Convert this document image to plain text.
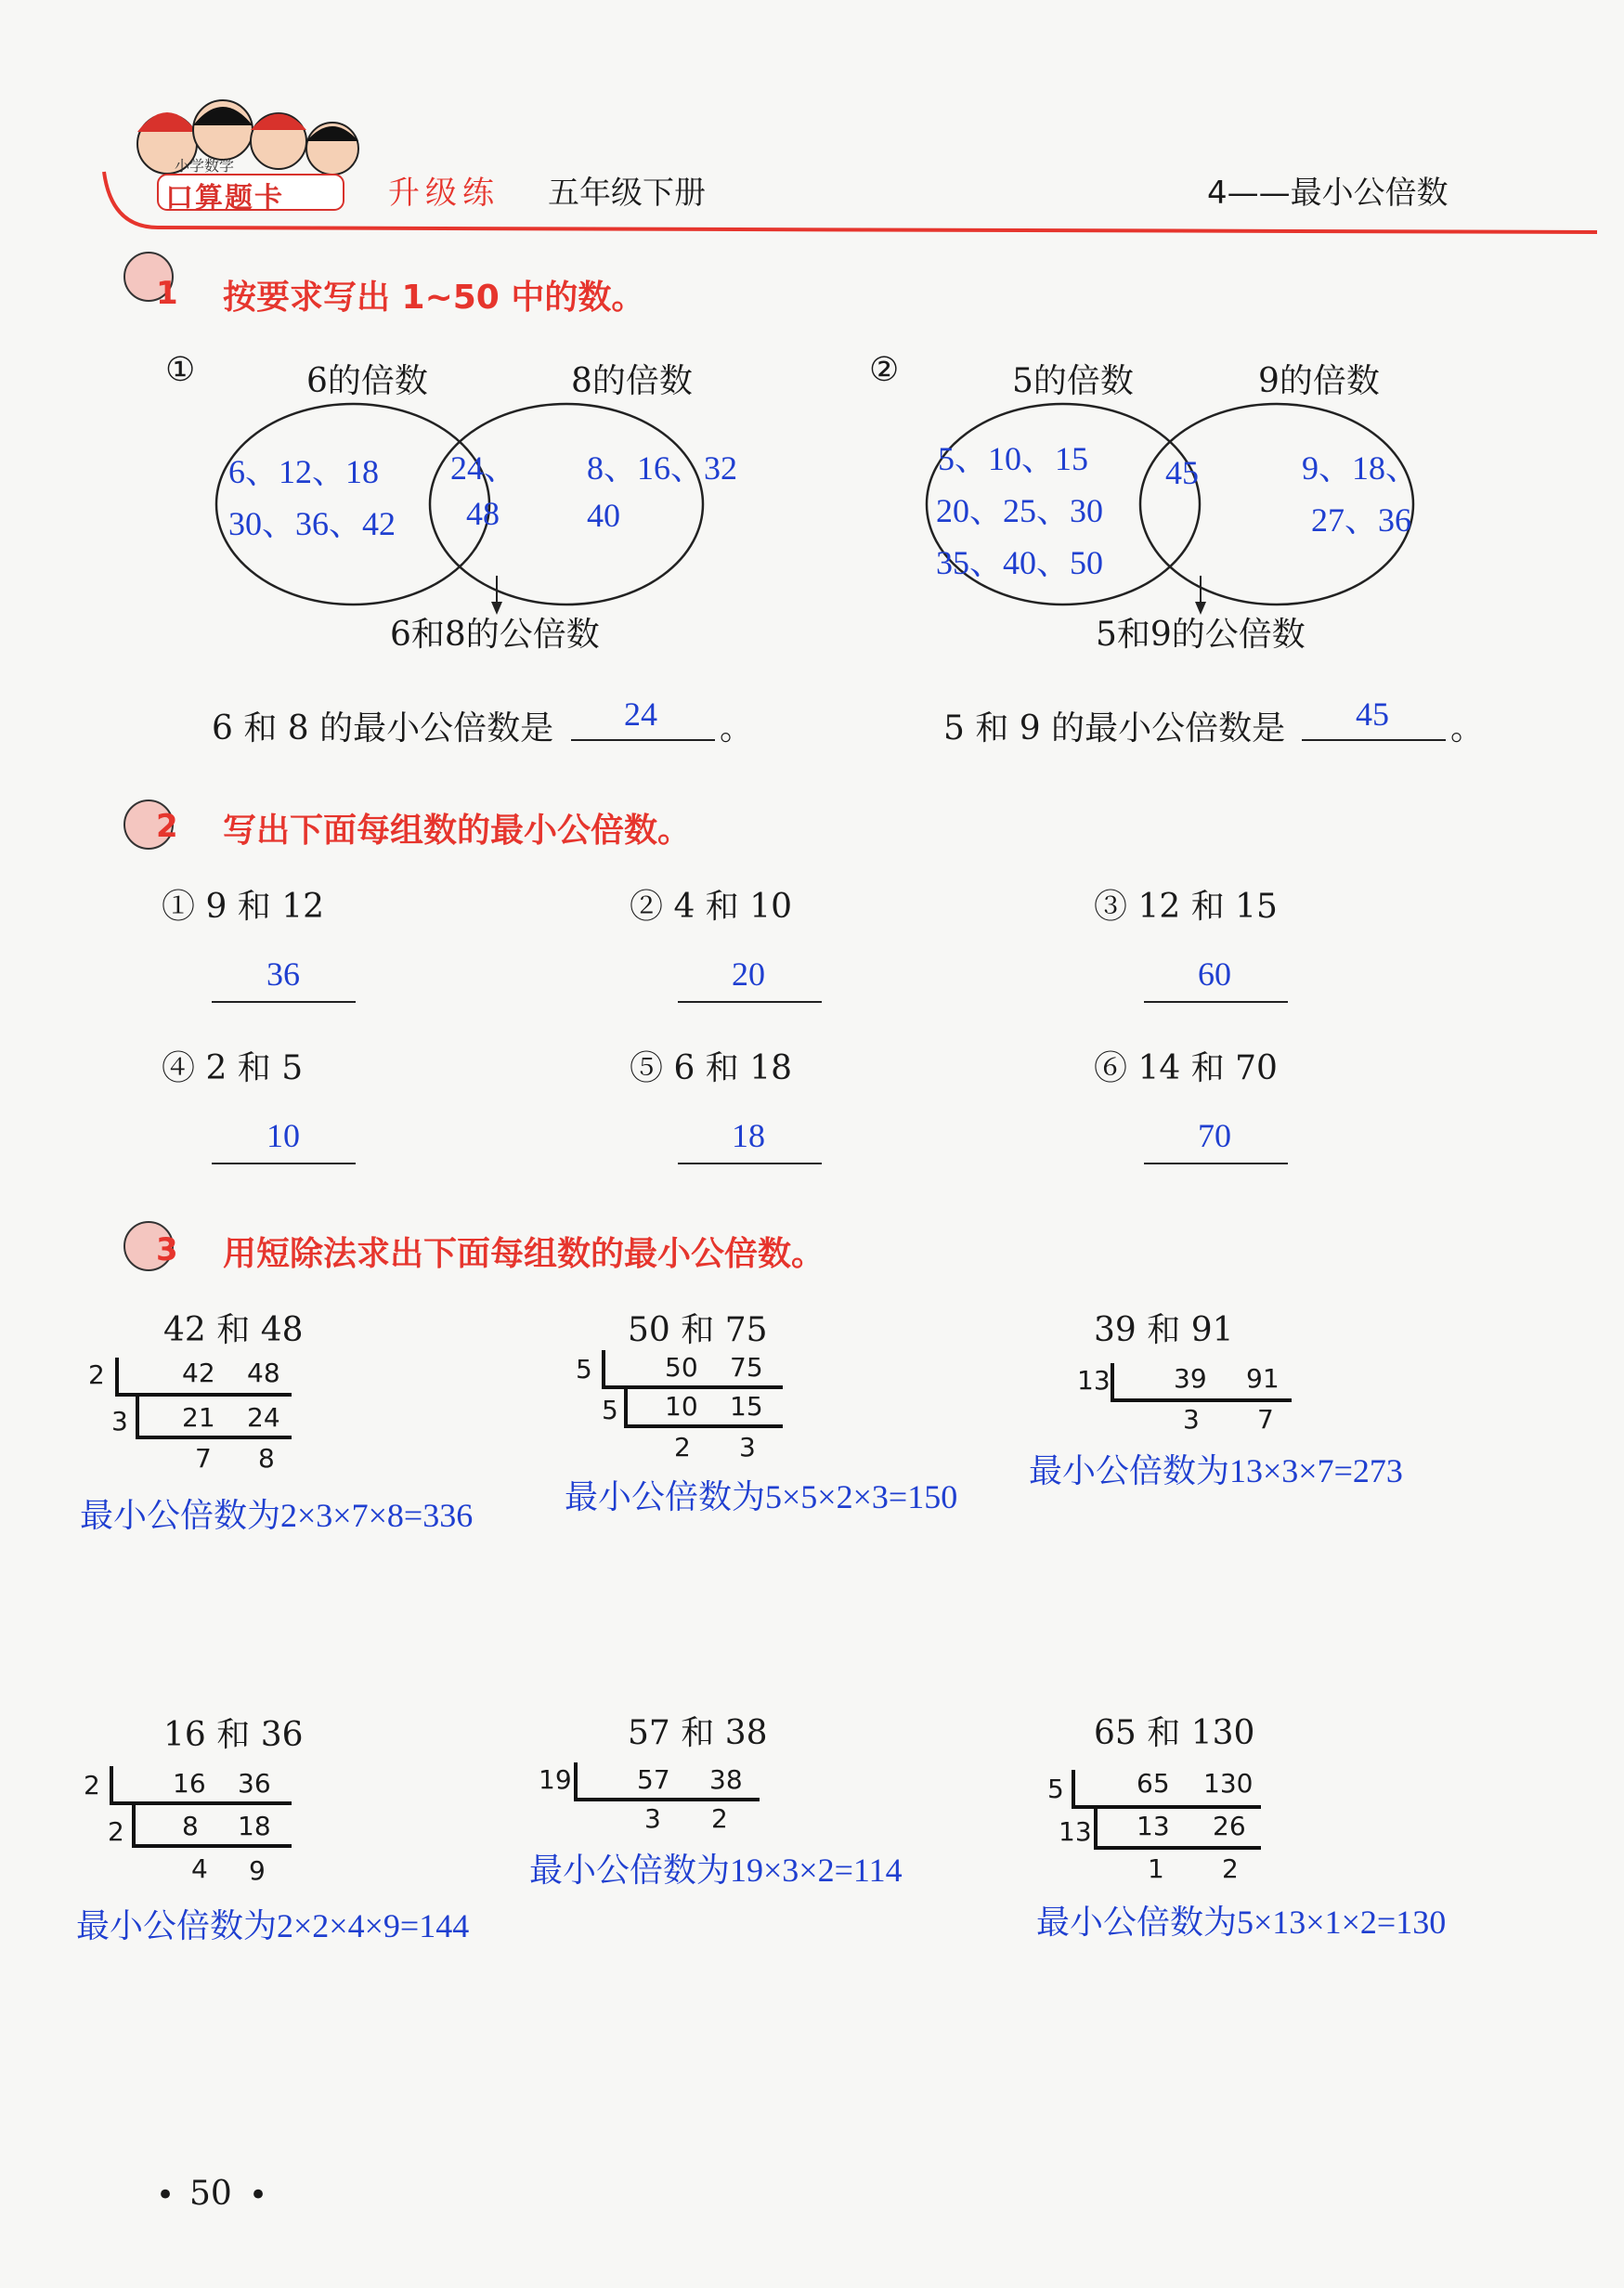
小学数学
口算题卡	升级练 五年级下册	4——最小公倍数
1 按要求写出 1~50 中的数。
①	6的倍数	8的倍数
6、12、18
30、36、42
24、
48
8、16、32
40
6和8的公倍数
6 和 8 的最小公倍数是 24 。
②	5的倍数	9的倍数
5、10、15
20、25、30
35、40、50
45	9、18、
27、36
5和9的公倍数
5 和 9 的最小公倍数是 45 。
2 写出下面每组数的最小公倍数。
① 9 和 12
36
② 4 和 10
20
③ 12 和 15
60
④ 2 和 5
10
⑤ 6 和 18
18
⑥ 14 和 70
70
3 用短除法求出下面每组数的最小公倍数。
42 和 48
2	42 48
3 21 24
7 8
最小公倍数为2×3×7×8=336
50 和 75
5	50 75
5 10 15
2 3
最小公倍数为5×5×2×3=150
39 和 91
13 39 91
3 7
最小公倍数为13×3×7=273
16 和 36
2	16 36
2 8 18
4 9
最小公倍数为2×2×4×9=144
57 和 38
19	57 38
3 2
最小公倍数为19×3×2=114
65 和 130
5	65 130
13 13 26
1 2
最小公倍数为5×13×1×2=130
• 50 •
